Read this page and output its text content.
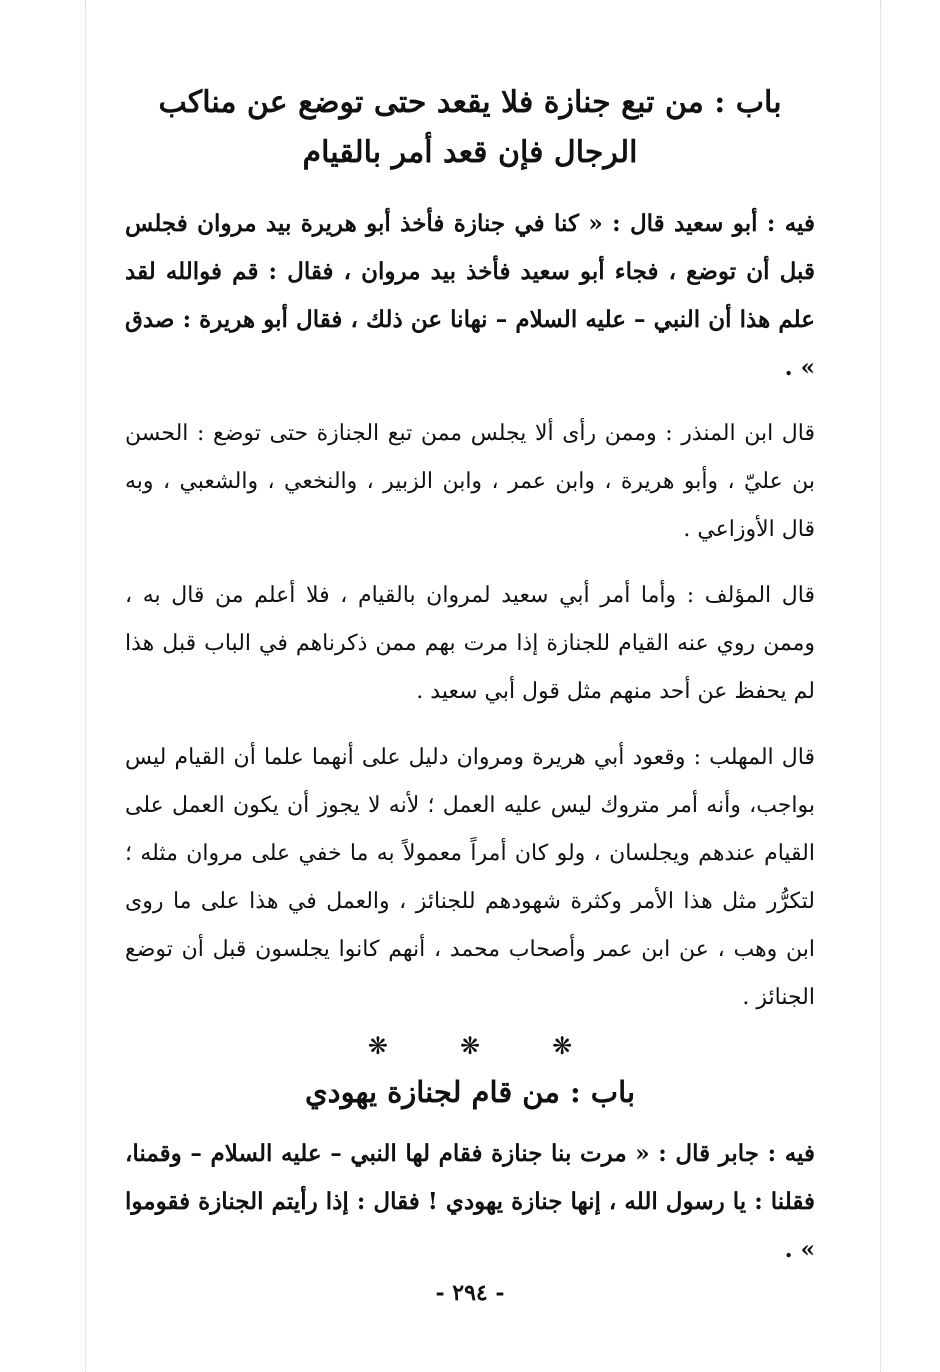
باب : من تبع جنازة فلا يقعد حتى توضع عن مناكب الرجال فإن قعد أمر بالقيام

فيه : أبو سعيد قال : « كنا في جنازة فأخذ أبو هريرة بيد مروان فجلس قبل أن توضع ، فجاء أبو سعيد فأخذ بيد مروان ، فقال : قم فوالله لقد علم هذا أن النبي – عليه السلام – نهانا عن ذلك ، فقال أبو هريرة : صدق » .

قال ابن المنذر : وممن رأى ألا يجلس ممن تبع الجنازة حتى توضع : الحسن بن عليّ ، وأبو هريرة ، وابن عمر ، وابن الزبير ، والنخعي ، والشعبي ، وبه قال الأوزاعي .

قال المؤلف : وأما أمر أبي سعيد لمروان بالقيام ، فلا أعلم من قال به ، وممن روي عنه القيام للجنازة إذا مرت بهم ممن ذكرناهم في الباب قبل هذا لم يحفظ عن أحد منهم مثل قول أبي سعيد .

قال المهلب : وقعود أبي هريرة ومروان دليل على أنهما علما أن القيام ليس بواجب، وأنه أمر متروك ليس عليه العمل ؛ لأنه لا يجوز أن يكون العمل على القيام عندهم ويجلسان ، ولو كان أمراً معمولاً به ما خفي على مروان مثله ؛ لتكرُّر مثل هذا الأمر وكثرة شهودهم للجنائز ، والعمل في هذا على ما روى ابن وهب ، عن ابن عمر وأصحاب محمد ، أنهم كانوا يجلسون قبل أن توضع الجنائز .

❋
❋
❋
باب : من قام لجنازة يهودي

فيه : جابر قال : « مرت بنا جنازة فقام لها النبي – عليه السلام – وقمنا، فقلنا : يا رسول الله ، إنها جنازة يهودي ! فقال : إذا رأيتم الجنازة فقوموا » .

- ٢٩٤ -
